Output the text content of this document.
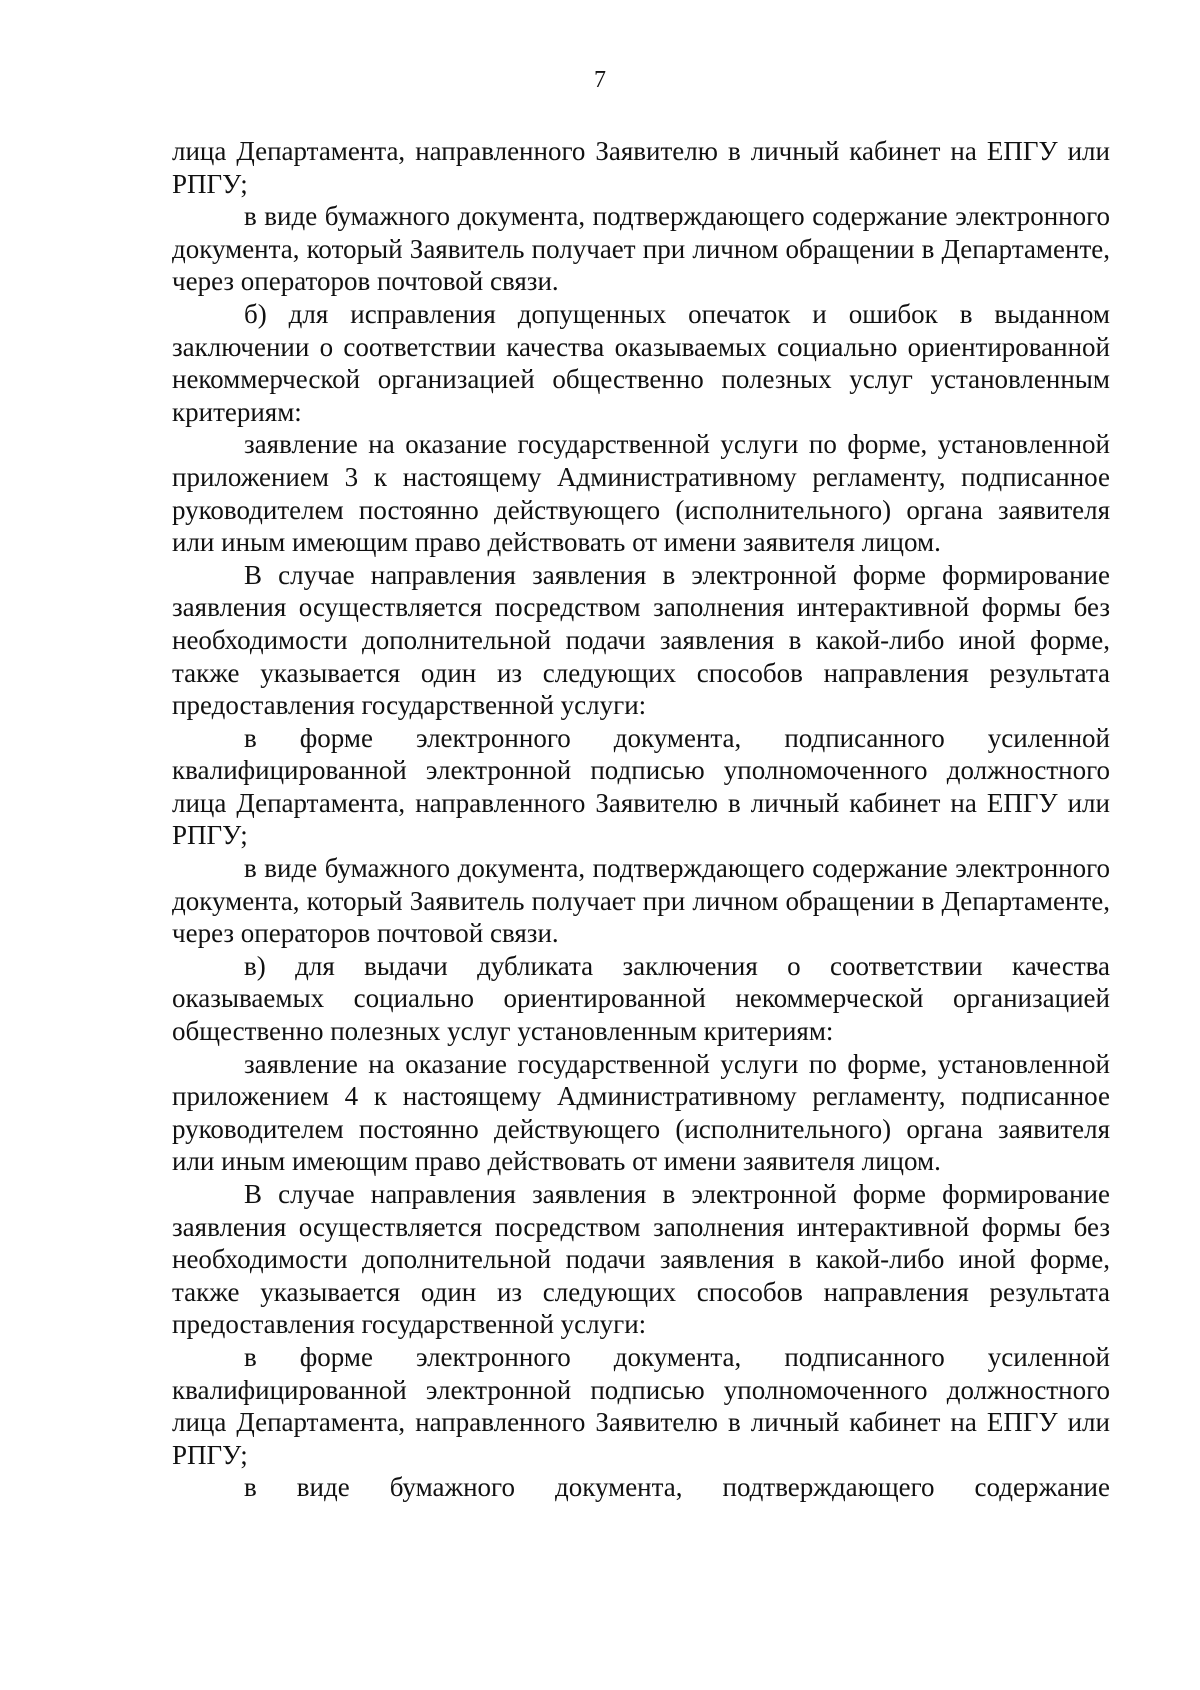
7

лица Департамента, направленного Заявителю в личный кабинет на ЕПГУ или РПГУ;

в виде бумажного документа, подтверждающего содержание электронного документа, который Заявитель получает при личном обращении в Департаменте, через операторов почтовой связи.

б) для исправления допущенных опечаток и ошибок в выданном заключении о соответствии качества оказываемых социально ориентированной некоммерческой организацией общественно полезных услуг установленным критериям:

заявление на оказание государственной услуги по форме, установленной приложением 3 к настоящему Административному регламенту, подписанное руководителем постоянно действующего (исполнительного) органа заявителя или иным имеющим право действовать от имени заявителя лицом.

В случае направления заявления в электронной форме формирование заявления осуществляется посредством заполнения интерактивной формы без необходимости дополнительной подачи заявления в какой-либо иной форме, также указывается один из следующих способов направления результата предоставления государственной услуги:

в форме электронного документа, подписанного усиленной квалифицированной электронной подписью уполномоченного должностного лица Департамента, направленного Заявителю в личный кабинет на ЕПГУ или РПГУ;

в виде бумажного документа, подтверждающего содержание электронного документа, который Заявитель получает при личном обращении в Департаменте, через операторов почтовой связи.

в) для выдачи дубликата заключения о соответствии качества оказываемых социально ориентированной некоммерческой организацией общественно полезных услуг установленным критериям:

заявление на оказание государственной услуги по форме, установленной приложением 4 к настоящему Административному регламенту, подписанное руководителем постоянно действующего (исполнительного) органа заявителя или иным имеющим право действовать от имени заявителя лицом.

В случае направления заявления в электронной форме формирование заявления осуществляется посредством заполнения интерактивной формы без необходимости дополнительной подачи заявления в какой-либо иной форме, также указывается один из следующих способов направления результата предоставления государственной услуги:

в форме электронного документа, подписанного усиленной квалифицированной электронной подписью уполномоченного должностного лица Департамента, направленного Заявителю в личный кабинет на ЕПГУ или РПГУ;

в виде бумажного документа, подтверждающего содержание
